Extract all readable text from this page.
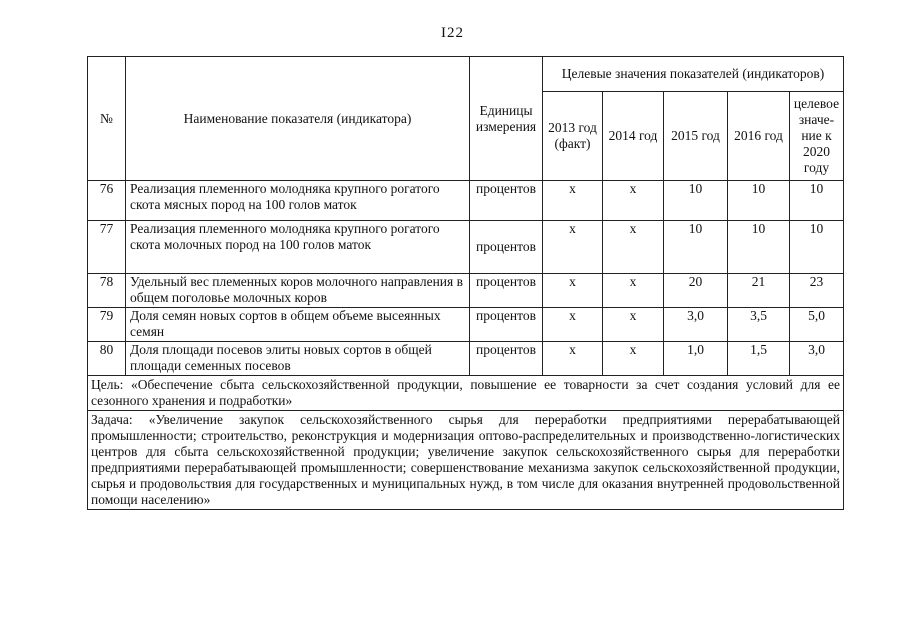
I22
№	Наименование показателя (индикатора)	Единицы измерения	Целевые значения показателей (индикаторов)				
			2013 год (факт)	2014 год	2015 год	2016 год	целевое значе-ние к 2020 году
76	Реализация племенного молодняка крупного рогатого скота мясных пород на 100 голов маток	процентов	х	х	10	10	10
77	Реализация племенного молодняка крупного рогатого скота молочных пород на 100 голов маток	процентов	х	х	10	10	10
78	Удельный вес племенных коров молочного направления в общем поголовье молочных коров	процентов	х	х	20	21	23
79	Доля семян новых сортов в общем объеме высеянных семян	процентов	х	х	3,0	3,5	5,0
80	Доля площади посевов элиты новых сортов в общей площади семенных посевов	процентов	х	х	1,0	1,5	3,0
Цель: «Обеспечение сбыта сельскохозяйственной продукции, повышение ее товарности за счет создания условий для ее сезонного хранения и подработки»							
Задача: «Увеличение закупок сельскохозяйственного сырья для переработки предприятиями перерабатывающей промышленности; строительство, реконструкция и модернизация оптово-распределительных и производственно-логистических центров для сбыта сельскохозяйственной продукции; увеличение закупок сельскохозяйственного сырья для переработки предприятиями перерабатывающей промышленности; совершенствование механизма закупок сельскохозяйственной продукции, сырья и продовольствия для государственных и муниципальных нужд, в том числе для оказания внутренней продовольственной помощи населению»							
